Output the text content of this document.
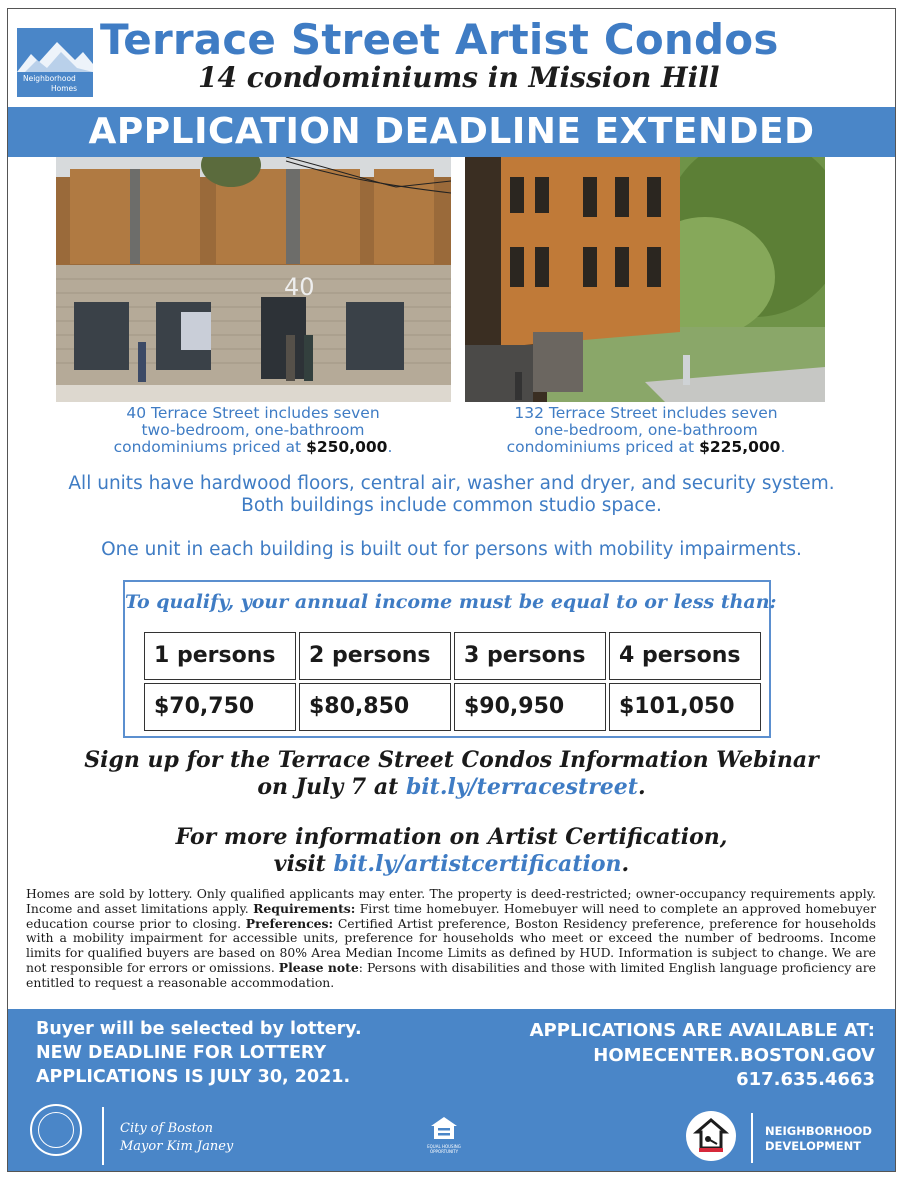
Neighborhood
Homes
Terrace Street Artist Condos
14 condominiums in Mission Hill
APPLICATION DEADLINE EXTENDED
40
40 Terrace Street includes seven
two-bedroom, one-bathroom
condominiums priced at $250,000.
132 Terrace Street includes seven
one-bedroom, one-bathroom
condominiums priced at $225,000.
All units have hardwood floors, central air, washer and dryer, and security system.
Both buildings include common studio space.
One unit in each building is built out for persons with mobility impairments.
To qualify, your annual income must be equal to or less than:
1 persons	2 persons	3 persons	4 persons
$70,750	$80,850	$90,950	$101,050
Sign up for the Terrace Street Condos Information Webinar
on July 7 at bit.ly/terracestreet.
For more information on Artist Certification,
visit bit.ly/artistcertification.
Homes are sold by lottery. Only qualified applicants may enter. The property is deed-restricted; owner-occupancy requirements apply. Income and asset limitations apply. Requirements: First time homebuyer. Homebuyer will need to complete an approved homebuyer education course prior to closing. Preferences: Certified Artist preference, Boston Residency preference, preference for households with a mobility impairment for accessible units, preference for households who meet or exceed the number of bedrooms. Income limits for qualified buyers are based on 80% Area Median Income Limits as defined by HUD. Information is subject to change. We are not responsible for errors or omissions. Please note: Persons with disabilities and those with limited English language proficiency are entitled to request a reasonable accommodation.
Buyer will be selected by lottery.
NEW DEADLINE FOR LOTTERY
APPLICATIONS IS JULY 30, 2021.
APPLICATIONS ARE AVAILABLE AT:
HOMECENTER.BOSTON.GOV
617.635.4663
City of Boston
Mayor Kim Janey	EQUAL HOUSING
OPPORTUNITY
NEIGHBORHOOD
DEVELOPMENT
